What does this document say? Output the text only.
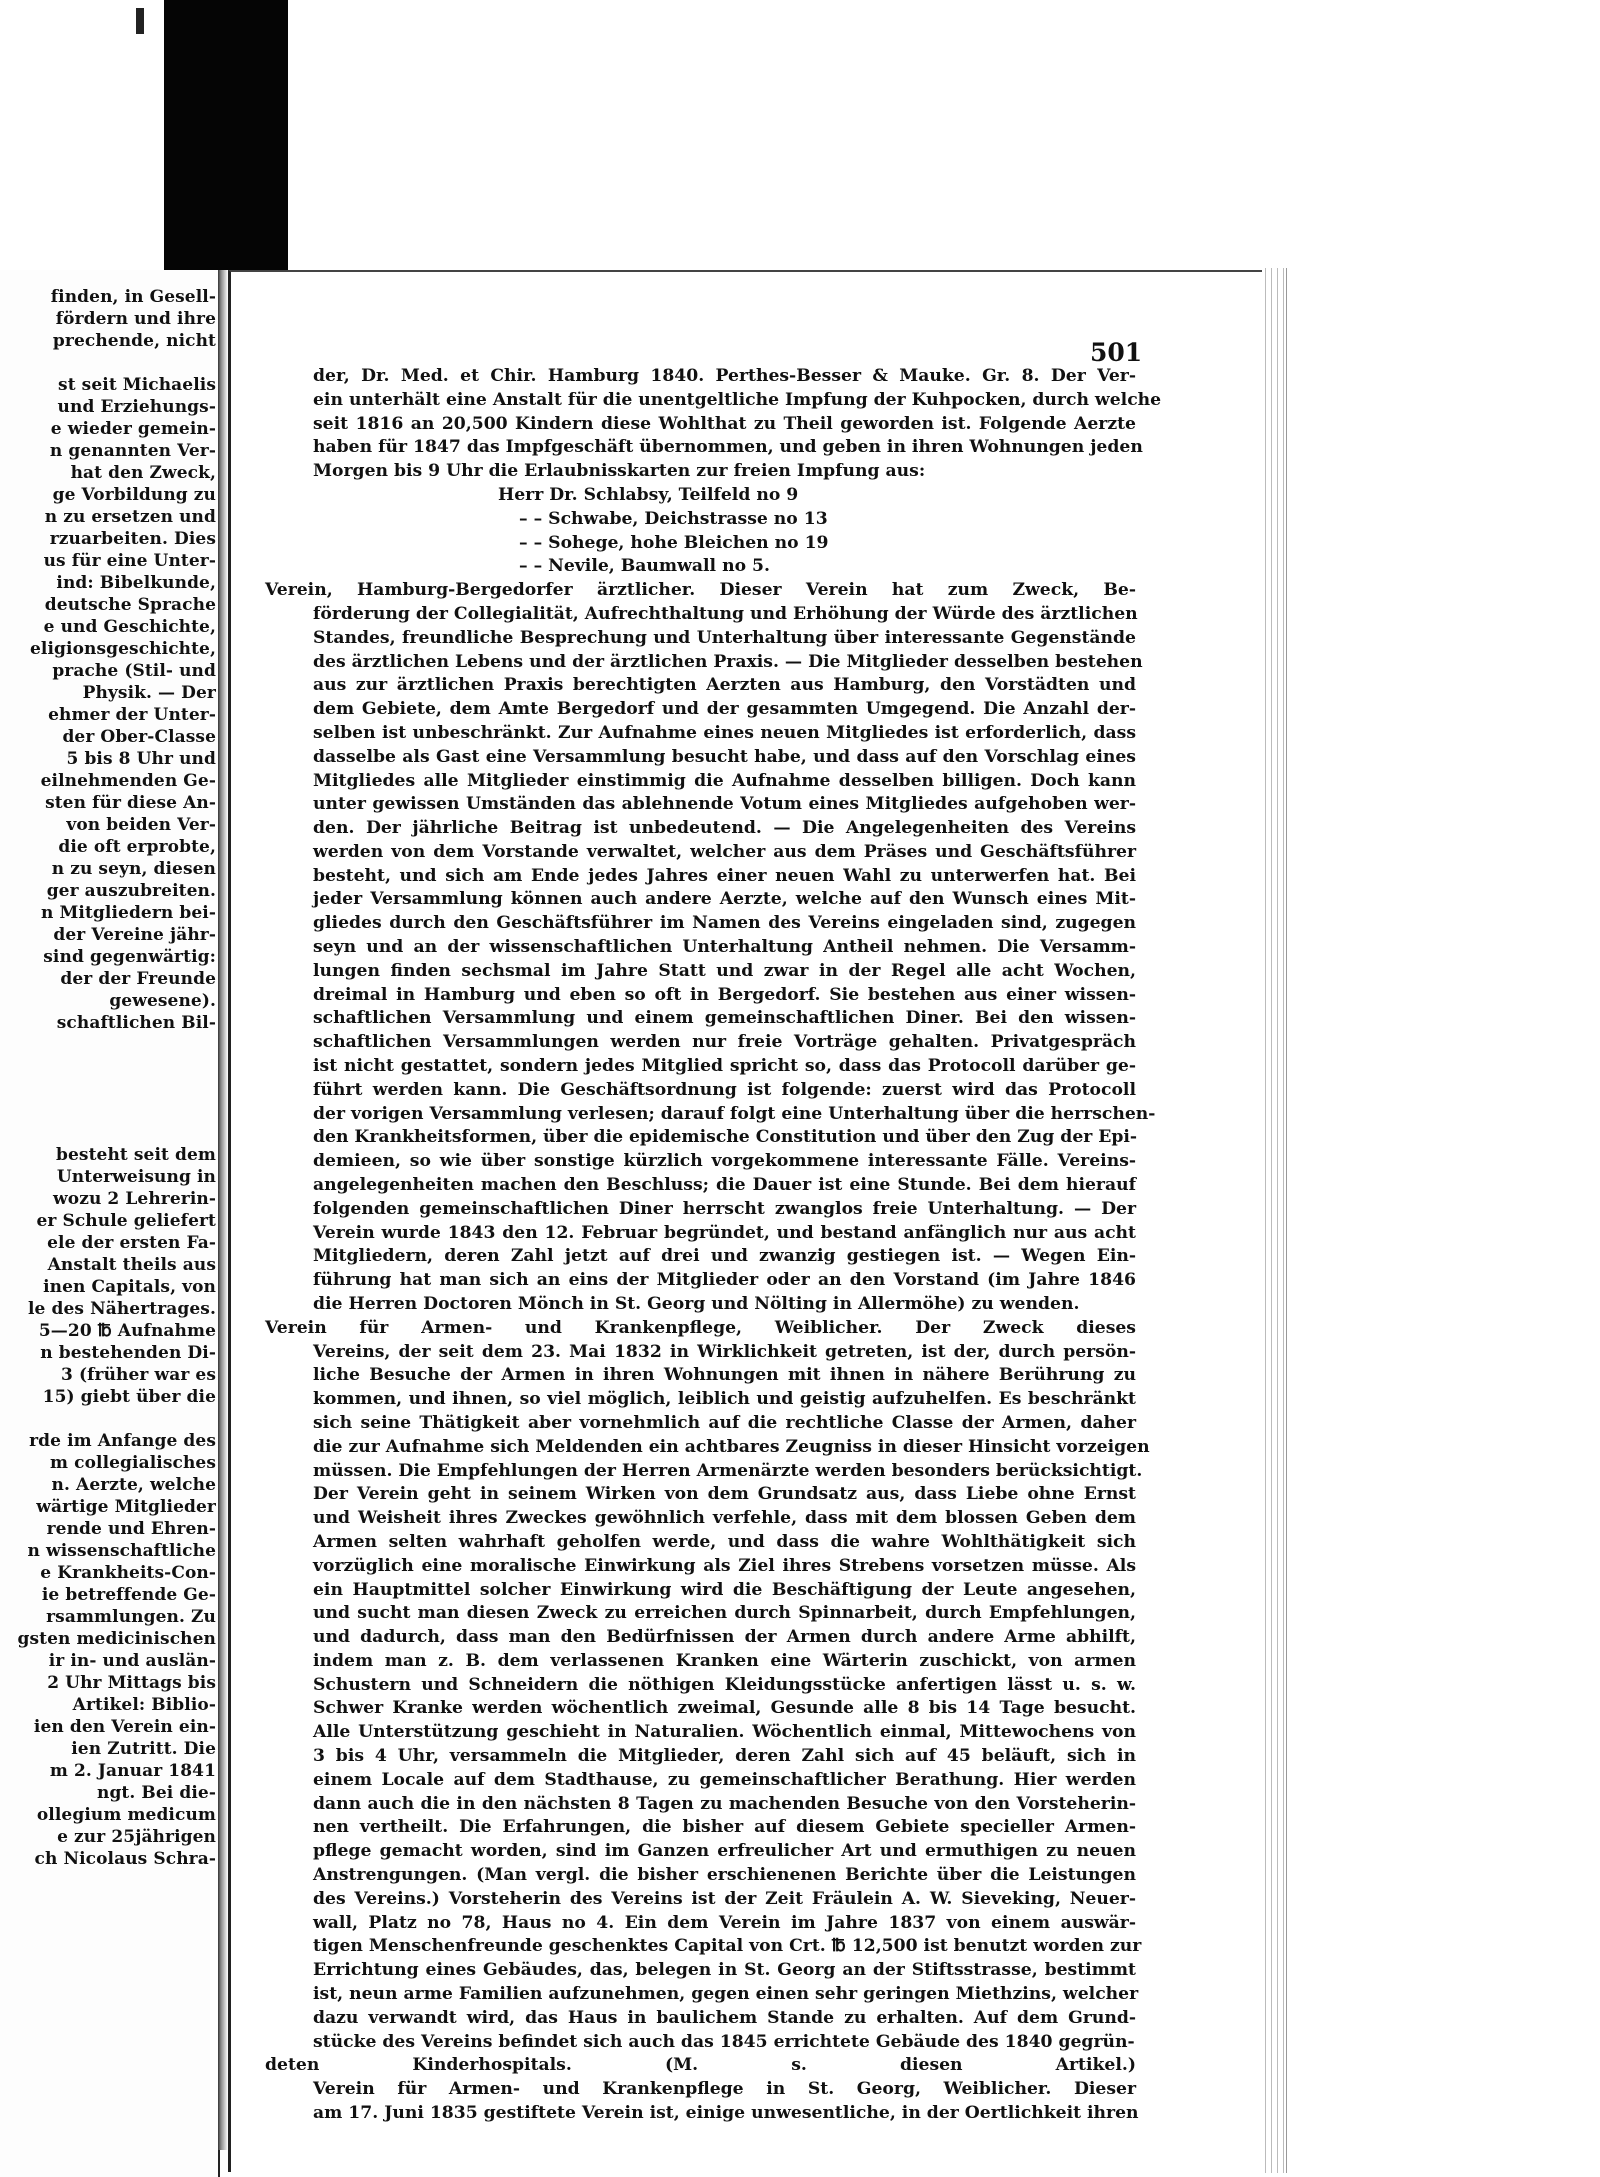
finden, in Gesell-
fördern und ihre
prechende, nicht
st seit Michaelis
und Erziehungs-
e wieder gemein-
n genannten Ver-
hat den Zweck,
ge Vorbildung zu
n zu ersetzen und
rzuarbeiten. Dies
us für eine Unter-
ind: Bibelkunde,
deutsche Sprache
e und Geschichte,
eligionsgeschichte,
prache (Stil- und
Physik. — Der
ehmer der Unter-
der Ober-Classe
5 bis 8 Uhr und
eilnehmenden Ge-
sten für diese An-
von beiden Ver-
die oft erprobte,
n zu seyn, diesen
ger auszubreiten.
n Mitgliedern bei-
der Vereine jähr-
sind gegenwärtig:
der der Freunde
gewesene).
schaftlichen Bil-
besteht seit dem
Unterweisung in
wozu 2 Lehrerin-
er Schule geliefert
ele der ersten Fa-
Anstalt theils aus
inen Capitals, von
le des Nähertrages.
5—20 ℔ Aufnahme
n bestehenden Di-
3 (früher war es
15) giebt über die
rde im Anfange des
m collegialisches
n. Aerzte, welche
wärtige Mitglieder
rende und Ehren-
n wissenschaftliche
e Krankheits-Con-
ie betreffende Ge-
rsammlungen. Zu
gsten medicinischen
ir in- und auslän-
2 Uhr Mittags bis
Artikel: Biblio-
ien den Verein ein-
ien Zutritt. Die
m 2. Januar 1841
ngt. Bei die-
ollegium medicum
e zur 25jährigen
ch Nicolaus Schra-
der, Dr. Med. et Chir. Hamburg 1840. Perthes-Besser & Mauke. Gr. 8. Der Ver-
ein unterhält eine Anstalt für die unentgeltliche Impfung der Kuhpocken, durch welche
seit 1816 an 20,500 Kindern diese Wohlthat zu Theil geworden ist. Folgende Aerzte
haben für 1847 das Impfgeschäft übernommen, und geben in ihren Wohnungen jeden
Morgen bis 9 Uhr die Erlaubnisskarten zur freien Impfung aus:
Herr Dr. Schlabsy, Teilfeld no 9
– – Schwabe, Deichstrasse no 13
– – Sohege, hohe Bleichen no 19
– – Nevile, Baumwall no 5.
Verein, Hamburg-Bergedorfer ärztlicher. Dieser Verein hat zum Zweck, Be-
förderung der Collegialität, Aufrechthaltung und Erhöhung der Würde des ärztlichen
Standes, freundliche Besprechung und Unterhaltung über interessante Gegenstände
des ärztlichen Lebens und der ärztlichen Praxis. — Die Mitglieder desselben bestehen
aus zur ärztlichen Praxis berechtigten Aerzten aus Hamburg, den Vorstädten und
dem Gebiete, dem Amte Bergedorf und der gesammten Umgegend. Die Anzahl der-
selben ist unbeschränkt. Zur Aufnahme eines neuen Mitgliedes ist erforderlich, dass
dasselbe als Gast eine Versammlung besucht habe, und dass auf den Vorschlag eines
Mitgliedes alle Mitglieder einstimmig die Aufnahme desselben billigen. Doch kann
unter gewissen Umständen das ablehnende Votum eines Mitgliedes aufgehoben wer-
den. Der jährliche Beitrag ist unbedeutend. — Die Angelegenheiten des Vereins
werden von dem Vorstande verwaltet, welcher aus dem Präses und Geschäftsführer
besteht, und sich am Ende jedes Jahres einer neuen Wahl zu unterwerfen hat. Bei
jeder Versammlung können auch andere Aerzte, welche auf den Wunsch eines Mit-
gliedes durch den Geschäftsführer im Namen des Vereins eingeladen sind, zugegen
seyn und an der wissenschaftlichen Unterhaltung Antheil nehmen. Die Versamm-
lungen finden sechsmal im Jahre Statt und zwar in der Regel alle acht Wochen,
dreimal in Hamburg und eben so oft in Bergedorf. Sie bestehen aus einer wissen-
schaftlichen Versammlung und einem gemeinschaftlichen Diner. Bei den wissen-
schaftlichen Versammlungen werden nur freie Vorträge gehalten. Privatgespräch
ist nicht gestattet, sondern jedes Mitglied spricht so, dass das Protocoll darüber ge-
führt werden kann. Die Geschäftsordnung ist folgende: zuerst wird das Protocoll
der vorigen Versammlung verlesen; darauf folgt eine Unterhaltung über die herrschen-
den Krankheitsformen, über die epidemische Constitution und über den Zug der Epi-
demieen, so wie über sonstige kürzlich vorgekommene interessante Fälle. Vereins-
angelegenheiten machen den Beschluss; die Dauer ist eine Stunde. Bei dem hierauf
folgenden gemeinschaftlichen Diner herrscht zwanglos freie Unterhaltung. — Der
Verein wurde 1843 den 12. Februar begründet, und bestand anfänglich nur aus acht
Mitgliedern, deren Zahl jetzt auf drei und zwanzig gestiegen ist. — Wegen Ein-
führung hat man sich an eins der Mitglieder oder an den Vorstand (im Jahre 1846
die Herren Doctoren Mönch in St. Georg und Nölting in Allermöhe) zu wenden.
Verein für Armen- und Krankenpflege, Weiblicher. Der Zweck dieses
Vereins, der seit dem 23. Mai 1832 in Wirklichkeit getreten, ist der, durch persön-
liche Besuche der Armen in ihren Wohnungen mit ihnen in nähere Berührung zu
kommen, und ihnen, so viel möglich, leiblich und geistig aufzuhelfen. Es beschränkt
sich seine Thätigkeit aber vornehmlich auf die rechtliche Classe der Armen, daher
die zur Aufnahme sich Meldenden ein achtbares Zeugniss in dieser Hinsicht vorzeigen
müssen. Die Empfehlungen der Herren Armenärzte werden besonders berücksichtigt.
Der Verein geht in seinem Wirken von dem Grundsatz aus, dass Liebe ohne Ernst
und Weisheit ihres Zweckes gewöhnlich verfehle, dass mit dem blossen Geben dem
Armen selten wahrhaft geholfen werde, und dass die wahre Wohlthätigkeit sich
vorzüglich eine moralische Einwirkung als Ziel ihres Strebens vorsetzen müsse. Als
ein Hauptmittel solcher Einwirkung wird die Beschäftigung der Leute angesehen,
und sucht man diesen Zweck zu erreichen durch Spinnarbeit, durch Empfehlungen,
und dadurch, dass man den Bedürfnissen der Armen durch andere Arme abhilft,
indem man z. B. dem verlassenen Kranken eine Wärterin zuschickt, von armen
Schustern und Schneidern die nöthigen Kleidungsstücke anfertigen lässt u. s. w.
Schwer Kranke werden wöchentlich zweimal, Gesunde alle 8 bis 14 Tage besucht.
Alle Unterstützung geschieht in Naturalien. Wöchentlich einmal, Mittewochens von
3 bis 4 Uhr, versammeln die Mitglieder, deren Zahl sich auf 45 beläuft, sich in
einem Locale auf dem Stadthause, zu gemeinschaftlicher Berathung. Hier werden
dann auch die in den nächsten 8 Tagen zu machenden Besuche von den Vorsteherin-
nen vertheilt. Die Erfahrungen, die bisher auf diesem Gebiete specieller Armen-
pflege gemacht worden, sind im Ganzen erfreulicher Art und ermuthigen zu neuen
Anstrengungen. (Man vergl. die bisher erschienenen Berichte über die Leistungen
des Vereins.) Vorsteherin des Vereins ist der Zeit Fräulein A. W. Sieveking, Neuer-
wall, Platz no 78, Haus no 4. Ein dem Verein im Jahre 1837 von einem auswär-
tigen Menschenfreunde geschenktes Capital von Crt. ℔ 12,500 ist benutzt worden zur
Errichtung eines Gebäudes, das, belegen in St. Georg an der Stiftsstrasse, bestimmt
ist, neun arme Familien aufzunehmen, gegen einen sehr geringen Miethzins, welcher
dazu verwandt wird, das Haus in baulichem Stande zu erhalten. Auf dem Grund-
stücke des Vereins befindet sich auch das 1845 errichtete Gebäude des 1840 gegrün-
deten Kinderhospitals. (M. s. diesen Artikel.)
Verein für Armen- und Krankenpflege in St. Georg, Weiblicher. Dieser
am 17. Juni 1835 gestiftete Verein ist, einige unwesentliche, in der Oertlichkeit ihren
501
